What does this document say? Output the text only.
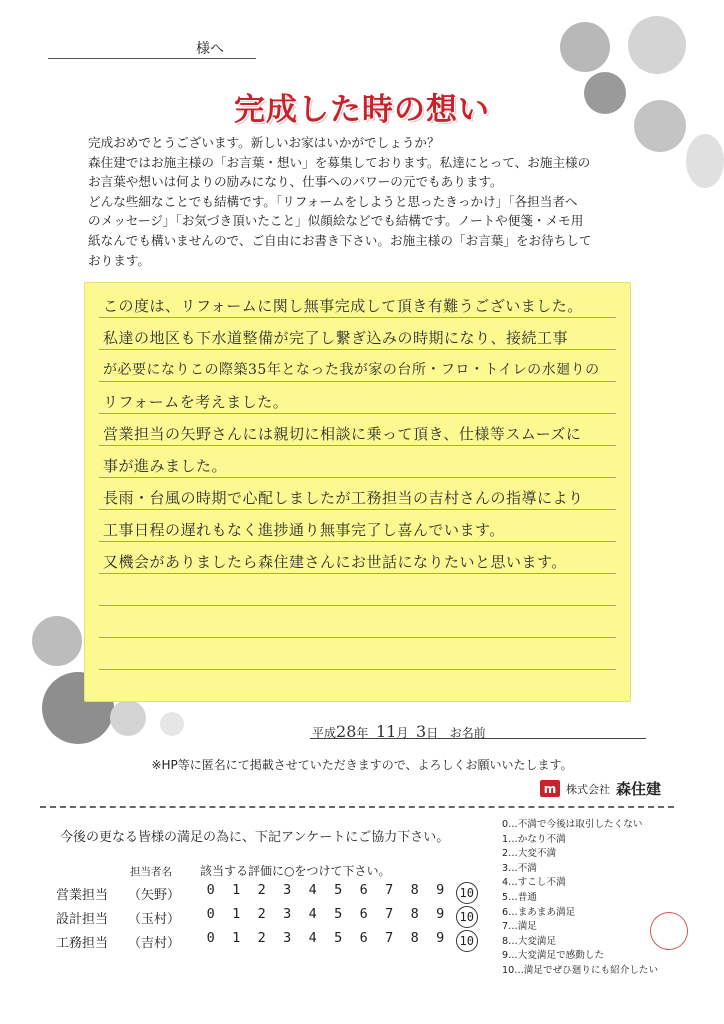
様へ
完成した時の想い

完成おめでとうございます。新しいお家はいかがでしょうか？

森住建ではお施主様の「お言葉・想い」を募集しております。私達にとって、お施主様の

お言葉や想いは何よりの励みになり、仕事へのパワーの元でもあります。

どんな些細なことでも結構です。「リフォームをしようと思ったきっかけ」「各担当者へ

のメッセージ」「お気づき頂いたこと」似顔絵などでも結構です。ノートや便箋・メモ用

紙なんでも構いませんので、ご自由にお書き下さい。お施主様の「お言葉」をお待ちして

おります。

この度は、リフォームに関し無事完成して頂き有難うございました。
私達の地区も下水道整備が完了し繋ぎ込みの時期になり、接続工事
が必要になりこの際築35年となった我が家の台所・フロ・トイレの水廻りの
リフォームを考えました。
営業担当の矢野さんには親切に相談に乗って頂き、仕様等スムーズに
事が進みました。
長雨・台風の時期で心配しましたが工務担当の吉村さんの指導により
工事日程の遅れもなく進捗通り無事完了し喜んでいます。
又機会がありましたら森住建さんにお世話になりたいと思います。
平成28年 11月 3日 お名前
※HP等に匿名にて掲載させていただきますので、よろしくお願いいたします。
m 株式会社 森住建
今後の更なる皆様の満足の為に、下記アンケートにご協力下さい。
担当者名 該当する評価に○をつけて下さい。
営業担当	（矢野）	0	1	2	3	4	5	6	7	8	9	10
設計担当	（玉村）	0	1	2	3	4	5	6	7	8	9	10
工務担当	（吉村）	0	1	2	3	4	5	6	7	8	9	10
0…不満で今後は取引したくない
1…かなり不満
2…大変不満
3…不満
4…すこし不満
5…普通
6…まあまあ満足
7…満足
8…大変満足
9…大変満足で感動した
10…満足でぜひ廻りにも紹介したい
